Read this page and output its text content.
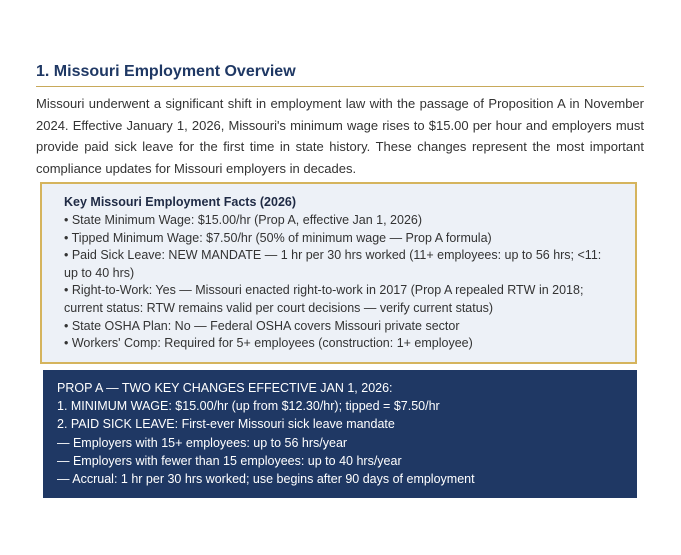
1. Missouri Employment Overview

Missouri underwent a significant shift in employment law with the passage of Proposition A in November 2024. Effective January 1, 2026, Missouri's minimum wage rises to $15.00 per hour and employers must provide paid sick leave for the first time in state history. These changes represent the most important compliance updates for Missouri employers in decades.

Key Missouri Employment Facts (2026)

• State Minimum Wage: $15.00/hr (Prop A, effective Jan 1, 2026)
• Tipped Minimum Wage: $7.50/hr (50% of minimum wage — Prop A formula)
• Paid Sick Leave: NEW MANDATE — 1 hr per 30 hrs worked (11+ employees: up to 56 hrs; <11: up to 40 hrs)
• Right-to-Work: Yes — Missouri enacted right-to-work in 2017 (Prop A repealed RTW in 2018; current status: RTW remains valid per court decisions — verify current status)
• State OSHA Plan: No — Federal OSHA covers Missouri private sector
• Workers' Comp: Required for 5+ employees (construction: 1+ employee)
PROP A — TWO KEY CHANGES EFFECTIVE JAN 1, 2026:
1. MINIMUM WAGE: $15.00/hr (up from $12.30/hr); tipped = $7.50/hr
2. PAID SICK LEAVE: First-ever Missouri sick leave mandate
— Employers with 15+ employees: up to 56 hrs/year
— Employers with fewer than 15 employees: up to 40 hrs/year
— Accrual: 1 hr per 30 hrs worked; use begins after 90 days of employment
